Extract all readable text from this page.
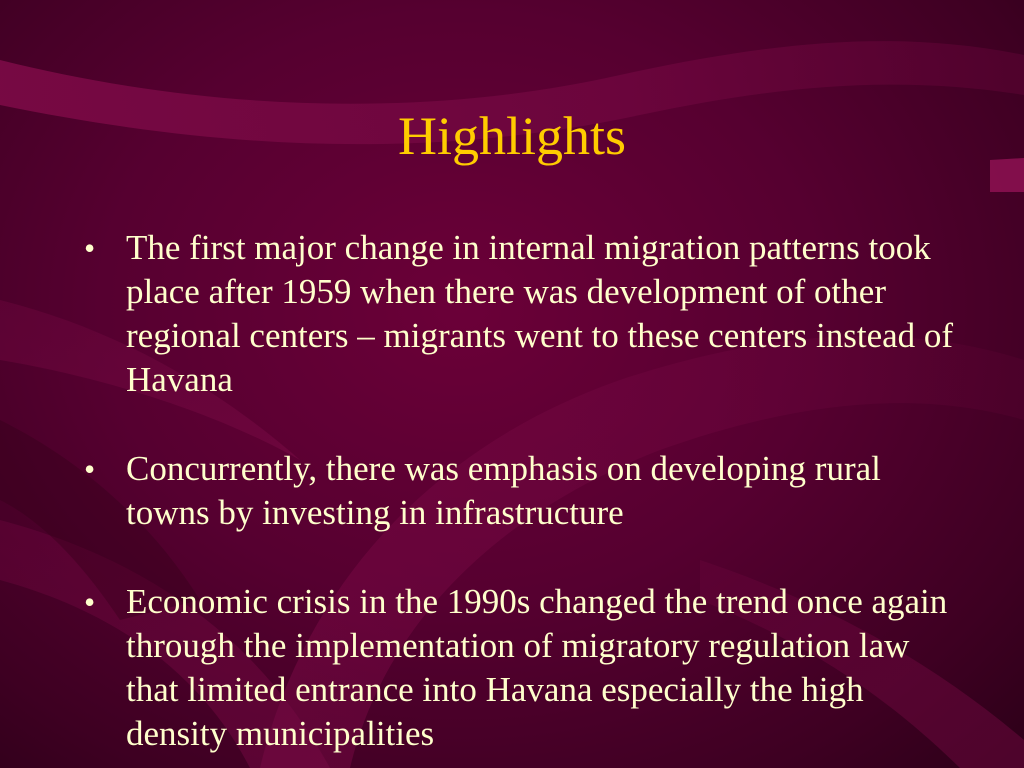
Highlights
• The first major change in internal migration patterns took place after 1959 when there was development of other regional centers – migrants went to these centers instead of Havana
• Concurrently, there was emphasis on developing rural towns by investing in infrastructure
• Economic crisis in the 1990s changed the trend once again through the implementation of migratory regulation law that limited entrance into Havana especially the high density municipalities
